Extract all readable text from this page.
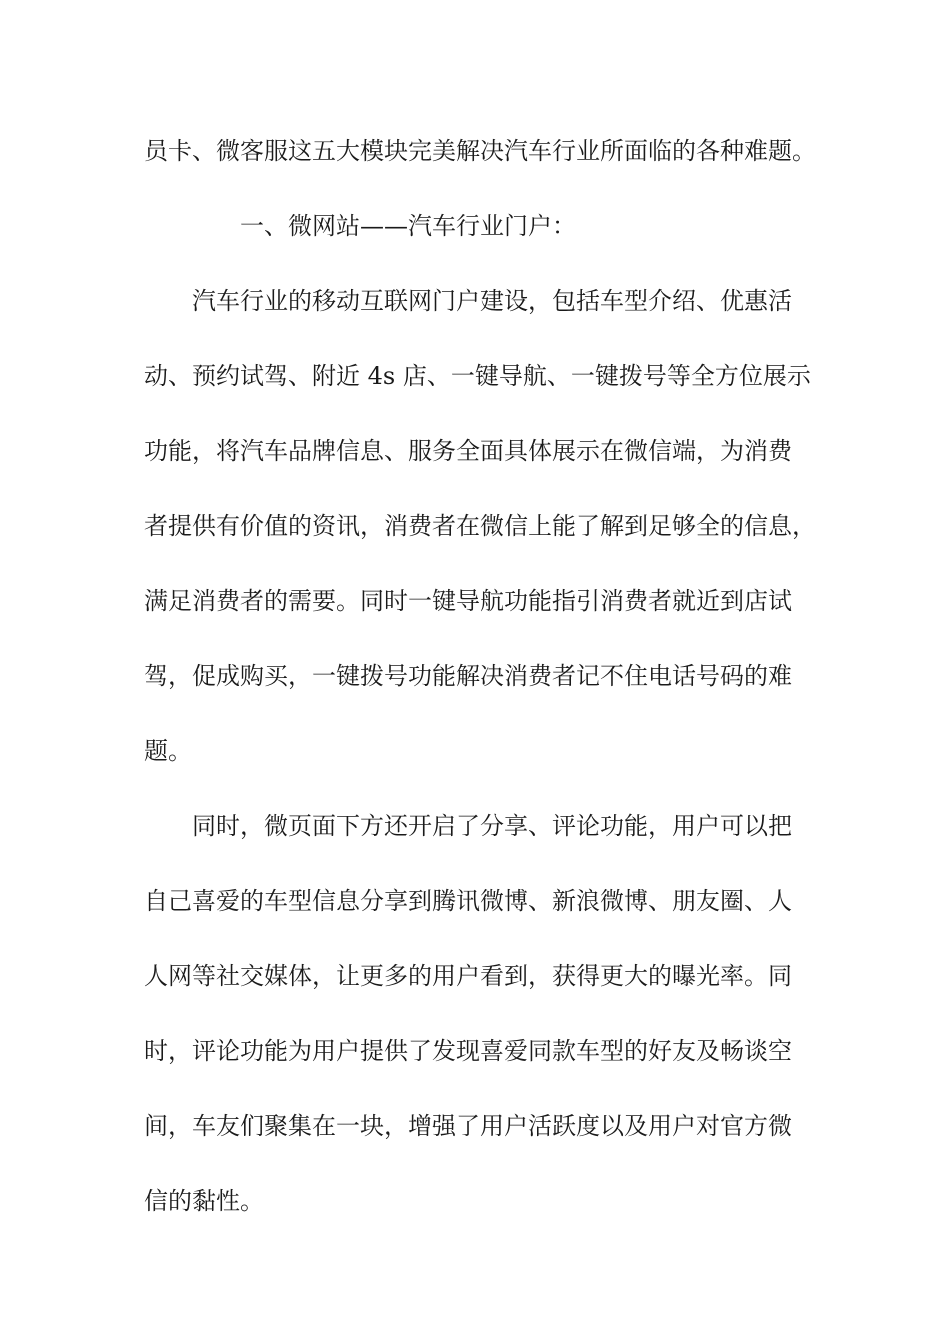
员卡、微客服这五大模块完美解决汽车行业所面临的各种难题。

一、微网站——汽车行业门户：

汽车行业的移动互联网门户建设，包括车型介绍、优惠活

动、预约试驾、附近 4s 店、一键导航、一键拨号等全方位展示

功能，将汽车品牌信息、服务全面具体展示在微信端，为消费

者提供有价值的资讯，消费者在微信上能了解到足够全的信息，

满足消费者的需要。同时一键导航功能指引消费者就近到店试

驾，促成购买，一键拨号功能解决消费者记不住电话号码的难

题。

同时，微页面下方还开启了分享、评论功能，用户可以把

自己喜爱的车型信息分享到腾讯微博、新浪微博、朋友圈、人

人网等社交媒体，让更多的用户看到，获得更大的曝光率。同

时，评论功能为用户提供了发现喜爱同款车型的好友及畅谈空

间，车友们聚集在一块，增强了用户活跃度以及用户对官方微

信的黏性。
